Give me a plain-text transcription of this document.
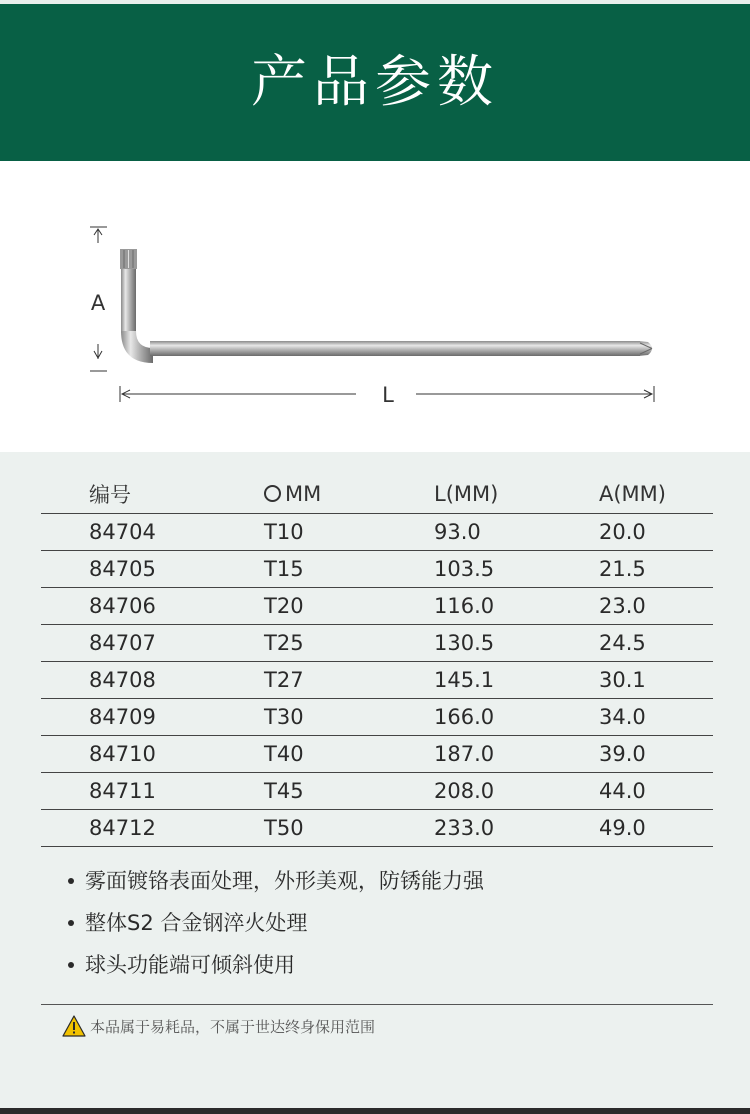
产品参数
A
L
编号	MM	L(MM)	A(MM)
84704	T10	93.0	20.0
84705	T15	103.5	21.5
84706	T20	116.0	23.0
84707	T25	130.5	24.5
84708	T27	145.1	30.1
84709	T30	166.0	34.0
84710	T40	187.0	39.0
84711	T45	208.0	44.0
84712	T50	233.0	49.0
雾面镀铬表面处理，外形美观，防锈能力强
整体S2 合金钢淬火处理
球头功能端可倾斜使用
本品属于易耗品，不属于世达终身保用范围
